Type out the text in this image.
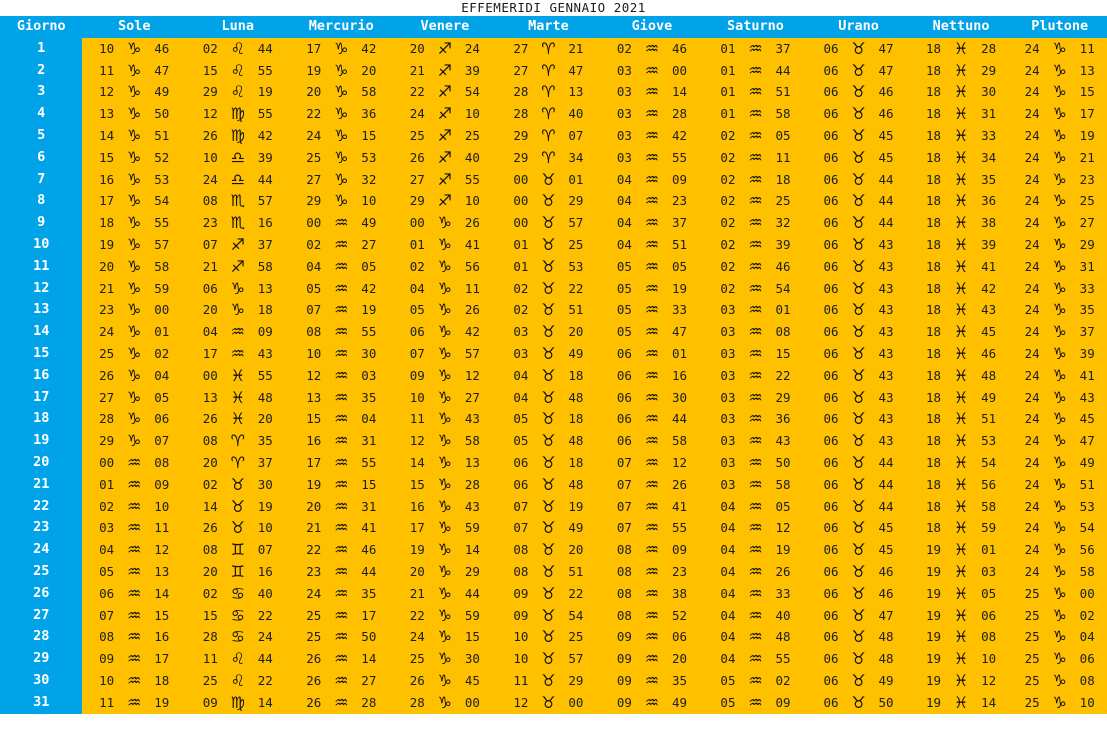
EFFEMERIDI GENNAIO 2021
Giorno	Sole	Luna	Mercurio	Venere	Marte	Giove	Saturno	Urano	Nettuno	Plutone
1	10 ♑︎ 46	02 ♌︎ 44	17 ♑︎ 42	20 ♐︎ 24	27 ♈︎ 21	02 ♒︎ 46	01 ♒︎ 37	06 ♉︎ 47	18 ♓︎ 28	24 ♑︎ 11
2	11 ♑︎ 47	15 ♌︎ 55	19 ♑︎ 20	21 ♐︎ 39	27 ♈︎ 47	03 ♒︎ 00	01 ♒︎ 44	06 ♉︎ 47	18 ♓︎ 29	24 ♑︎ 13
3	12 ♑︎ 49	29 ♌︎ 19	20 ♑︎ 58	22 ♐︎ 54	28 ♈︎ 13	03 ♒︎ 14	01 ♒︎ 51	06 ♉︎ 46	18 ♓︎ 30	24 ♑︎ 15
4	13 ♑︎ 50	12 ♍︎ 55	22 ♑︎ 36	24 ♐︎ 10	28 ♈︎ 40	03 ♒︎ 28	01 ♒︎ 58	06 ♉︎ 46	18 ♓︎ 31	24 ♑︎ 17
5	14 ♑︎ 51	26 ♍︎ 42	24 ♑︎ 15	25 ♐︎ 25	29 ♈︎ 07	03 ♒︎ 42	02 ♒︎ 05	06 ♉︎ 45	18 ♓︎ 33	24 ♑︎ 19
6	15 ♑︎ 52	10 ♎︎ 39	25 ♑︎ 53	26 ♐︎ 40	29 ♈︎ 34	03 ♒︎ 55	02 ♒︎ 11	06 ♉︎ 45	18 ♓︎ 34	24 ♑︎ 21
7	16 ♑︎ 53	24 ♎︎ 44	27 ♑︎ 32	27 ♐︎ 55	00 ♉︎ 01	04 ♒︎ 09	02 ♒︎ 18	06 ♉︎ 44	18 ♓︎ 35	24 ♑︎ 23
8	17 ♑︎ 54	08 ♏︎ 57	29 ♑︎ 10	29 ♐︎ 10	00 ♉︎ 29	04 ♒︎ 23	02 ♒︎ 25	06 ♉︎ 44	18 ♓︎ 36	24 ♑︎ 25
9	18 ♑︎ 55	23 ♏︎ 16	00 ♒︎ 49	00 ♑︎ 26	00 ♉︎ 57	04 ♒︎ 37	02 ♒︎ 32	06 ♉︎ 44	18 ♓︎ 38	24 ♑︎ 27
10	19 ♑︎ 57	07 ♐︎ 37	02 ♒︎ 27	01 ♑︎ 41	01 ♉︎ 25	04 ♒︎ 51	02 ♒︎ 39	06 ♉︎ 43	18 ♓︎ 39	24 ♑︎ 29
11	20 ♑︎ 58	21 ♐︎ 58	04 ♒︎ 05	02 ♑︎ 56	01 ♉︎ 53	05 ♒︎ 05	02 ♒︎ 46	06 ♉︎ 43	18 ♓︎ 41	24 ♑︎ 31
12	21 ♑︎ 59	06 ♑︎ 13	05 ♒︎ 42	04 ♑︎ 11	02 ♉︎ 22	05 ♒︎ 19	02 ♒︎ 54	06 ♉︎ 43	18 ♓︎ 42	24 ♑︎ 33
13	23 ♑︎ 00	20 ♑︎ 18	07 ♒︎ 19	05 ♑︎ 26	02 ♉︎ 51	05 ♒︎ 33	03 ♒︎ 01	06 ♉︎ 43	18 ♓︎ 43	24 ♑︎ 35
14	24 ♑︎ 01	04 ♒︎ 09	08 ♒︎ 55	06 ♑︎ 42	03 ♉︎ 20	05 ♒︎ 47	03 ♒︎ 08	06 ♉︎ 43	18 ♓︎ 45	24 ♑︎ 37
15	25 ♑︎ 02	17 ♒︎ 43	10 ♒︎ 30	07 ♑︎ 57	03 ♉︎ 49	06 ♒︎ 01	03 ♒︎ 15	06 ♉︎ 43	18 ♓︎ 46	24 ♑︎ 39
16	26 ♑︎ 04	00 ♓︎ 55	12 ♒︎ 03	09 ♑︎ 12	04 ♉︎ 18	06 ♒︎ 16	03 ♒︎ 22	06 ♉︎ 43	18 ♓︎ 48	24 ♑︎ 41
17	27 ♑︎ 05	13 ♓︎ 48	13 ♒︎ 35	10 ♑︎ 27	04 ♉︎ 48	06 ♒︎ 30	03 ♒︎ 29	06 ♉︎ 43	18 ♓︎ 49	24 ♑︎ 43
18	28 ♑︎ 06	26 ♓︎ 20	15 ♒︎ 04	11 ♑︎ 43	05 ♉︎ 18	06 ♒︎ 44	03 ♒︎ 36	06 ♉︎ 43	18 ♓︎ 51	24 ♑︎ 45
19	29 ♑︎ 07	08 ♈︎ 35	16 ♒︎ 31	12 ♑︎ 58	05 ♉︎ 48	06 ♒︎ 58	03 ♒︎ 43	06 ♉︎ 43	18 ♓︎ 53	24 ♑︎ 47
20	00 ♒︎ 08	20 ♈︎ 37	17 ♒︎ 55	14 ♑︎ 13	06 ♉︎ 18	07 ♒︎ 12	03 ♒︎ 50	06 ♉︎ 44	18 ♓︎ 54	24 ♑︎ 49
21	01 ♒︎ 09	02 ♉︎ 30	19 ♒︎ 15	15 ♑︎ 28	06 ♉︎ 48	07 ♒︎ 26	03 ♒︎ 58	06 ♉︎ 44	18 ♓︎ 56	24 ♑︎ 51
22	02 ♒︎ 10	14 ♉︎ 19	20 ♒︎ 31	16 ♑︎ 43	07 ♉︎ 19	07 ♒︎ 41	04 ♒︎ 05	06 ♉︎ 44	18 ♓︎ 58	24 ♑︎ 53
23	03 ♒︎ 11	26 ♉︎ 10	21 ♒︎ 41	17 ♑︎ 59	07 ♉︎ 49	07 ♒︎ 55	04 ♒︎ 12	06 ♉︎ 45	18 ♓︎ 59	24 ♑︎ 54
24	04 ♒︎ 12	08 ♊︎ 07	22 ♒︎ 46	19 ♑︎ 14	08 ♉︎ 20	08 ♒︎ 09	04 ♒︎ 19	06 ♉︎ 45	19 ♓︎ 01	24 ♑︎ 56
25	05 ♒︎ 13	20 ♊︎ 16	23 ♒︎ 44	20 ♑︎ 29	08 ♉︎ 51	08 ♒︎ 23	04 ♒︎ 26	06 ♉︎ 46	19 ♓︎ 03	24 ♑︎ 58
26	06 ♒︎ 14	02 ♋︎ 40	24 ♒︎ 35	21 ♑︎ 44	09 ♉︎ 22	08 ♒︎ 38	04 ♒︎ 33	06 ♉︎ 46	19 ♓︎ 05	25 ♑︎ 00
27	07 ♒︎ 15	15 ♋︎ 22	25 ♒︎ 17	22 ♑︎ 59	09 ♉︎ 54	08 ♒︎ 52	04 ♒︎ 40	06 ♉︎ 47	19 ♓︎ 06	25 ♑︎ 02
28	08 ♒︎ 16	28 ♋︎ 24	25 ♒︎ 50	24 ♑︎ 15	10 ♉︎ 25	09 ♒︎ 06	04 ♒︎ 48	06 ♉︎ 48	19 ♓︎ 08	25 ♑︎ 04
29	09 ♒︎ 17	11 ♌︎ 44	26 ♒︎ 14	25 ♑︎ 30	10 ♉︎ 57	09 ♒︎ 20	04 ♒︎ 55	06 ♉︎ 48	19 ♓︎ 10	25 ♑︎ 06
30	10 ♒︎ 18	25 ♌︎ 22	26 ♒︎ 27	26 ♑︎ 45	11 ♉︎ 29	09 ♒︎ 35	05 ♒︎ 02	06 ♉︎ 49	19 ♓︎ 12	25 ♑︎ 08
31	11 ♒︎ 19	09 ♍︎ 14	26 ♒︎ 28	28 ♑︎ 00	12 ♉︎ 00	09 ♒︎ 49	05 ♒︎ 09	06 ♉︎ 50	19 ♓︎ 14	25 ♑︎ 10
